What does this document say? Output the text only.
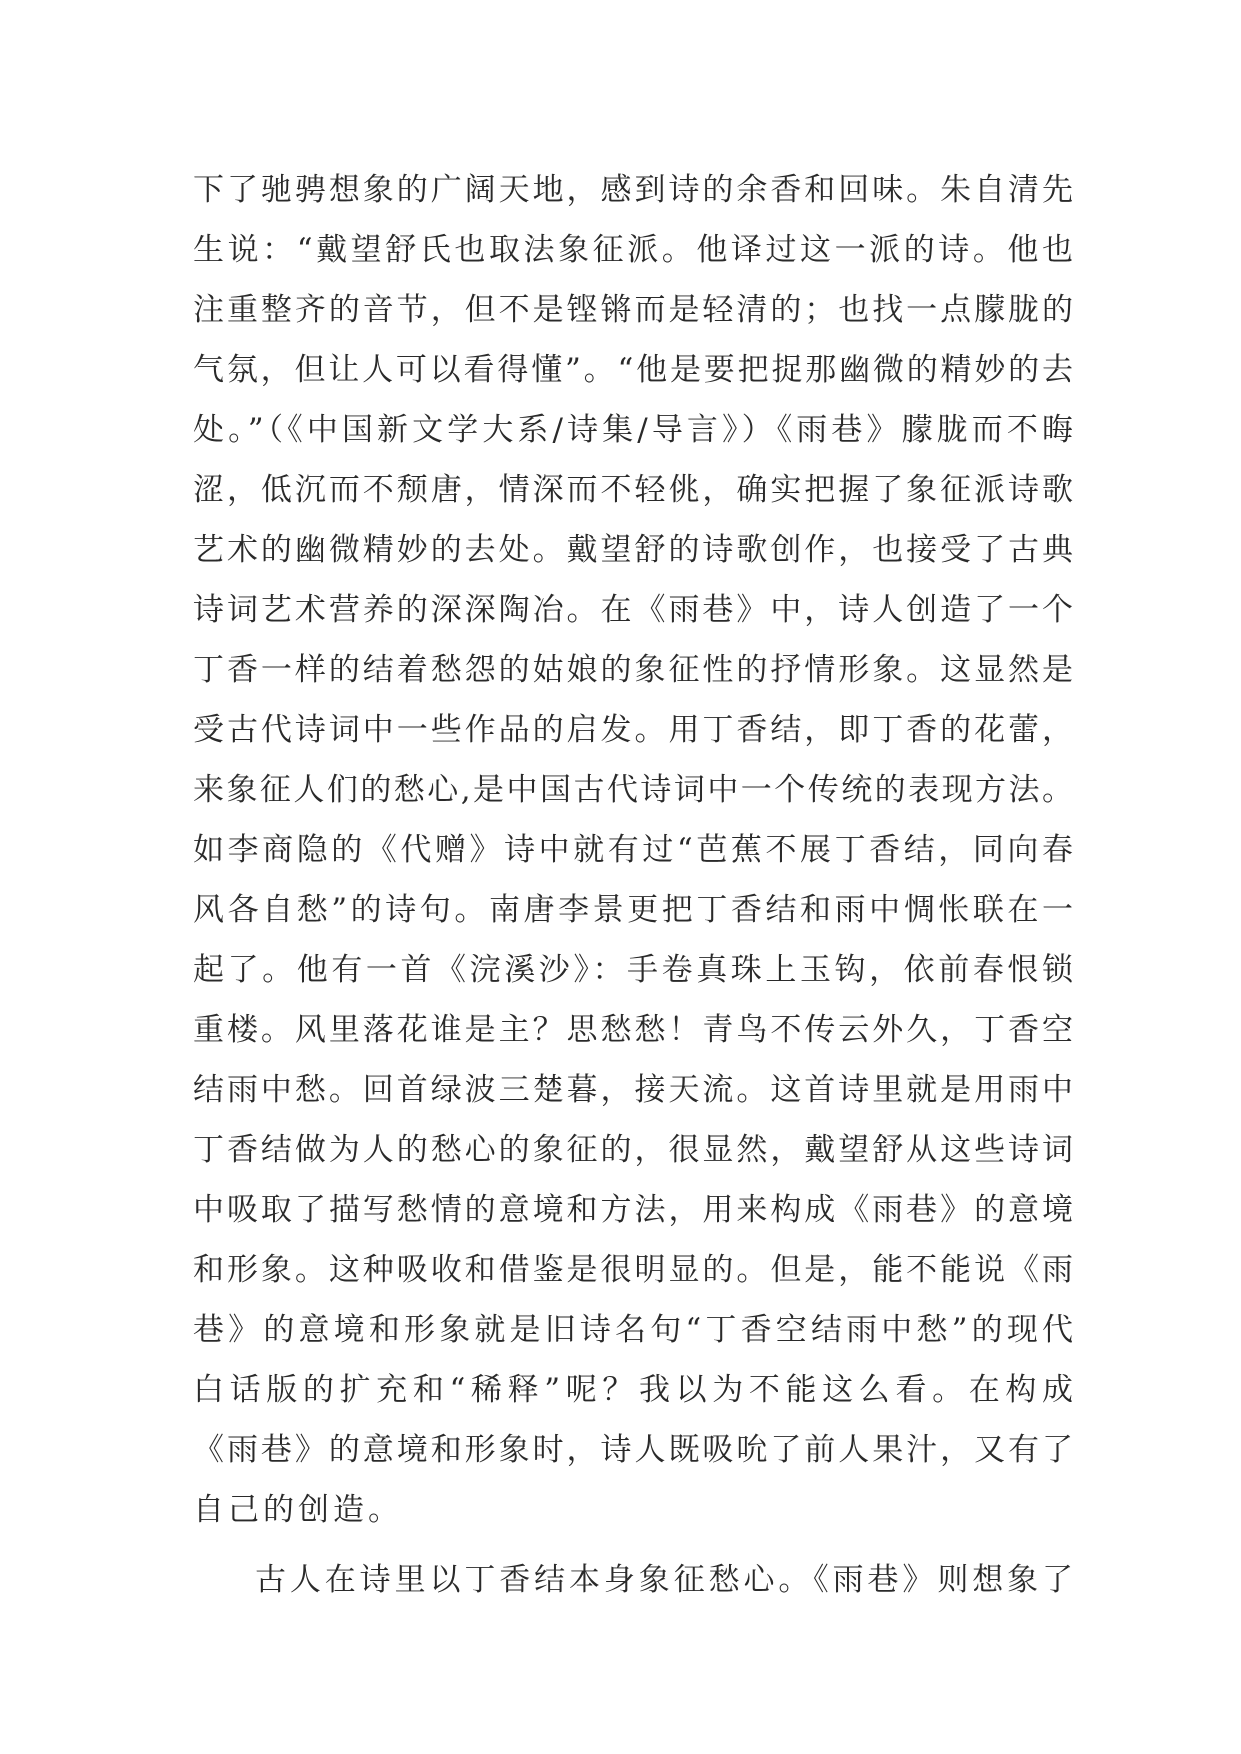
下了驰骋想象的广阔天地，感到诗的余香和回味。朱自清先
生说：“戴望舒氏也取法象征派。他译过这一派的诗。他也
注重整齐的音节，但不是铿锵而是轻清的；也找一点朦胧的
气氛，但让人可以看得懂”。“他是要把捉那幽微的精妙的去
处。”（《中国新文学大系/诗集/导言》）《雨巷》朦胧而不晦
涩，低沉而不颓唐，情深而不轻佻，确实把握了象征派诗歌
艺术的幽微精妙的去处。戴望舒的诗歌创作，也接受了古典
诗词艺术营养的深深陶冶。在《雨巷》中，诗人创造了一个
丁香一样的结着愁怨的姑娘的象征性的抒情形象。这显然是
受古代诗词中一些作品的启发。用丁香结，即丁香的花蕾，
来象征人们的愁心,是中国古代诗词中一个传统的表现方法。
如李商隐的《代赠》诗中就有过“芭蕉不展丁香结，同向春
风各自愁”的诗句。南唐李景更把丁香结和雨中惆怅联在一
起了。他有一首《浣溪沙》：手卷真珠上玉钩，依前春恨锁
重楼。风里落花谁是主？思愁愁！青鸟不传云外久，丁香空
结雨中愁。回首绿波三楚暮，接天流。这首诗里就是用雨中
丁香结做为人的愁心的象征的，很显然，戴望舒从这些诗词
中吸取了描写愁情的意境和方法，用来构成《雨巷》的意境
和形象。这种吸收和借鉴是很明显的。但是，能不能说《雨
巷》的意境和形象就是旧诗名句“丁香空结雨中愁”的现代
白话版的扩充和“稀释”呢？我以为不能这么看。在构成
《雨巷》的意境和形象时，诗人既吸吮了前人果汁，又有了
自己的创造。
古人在诗里以丁香结本身象征愁心。《雨巷》则想象了
